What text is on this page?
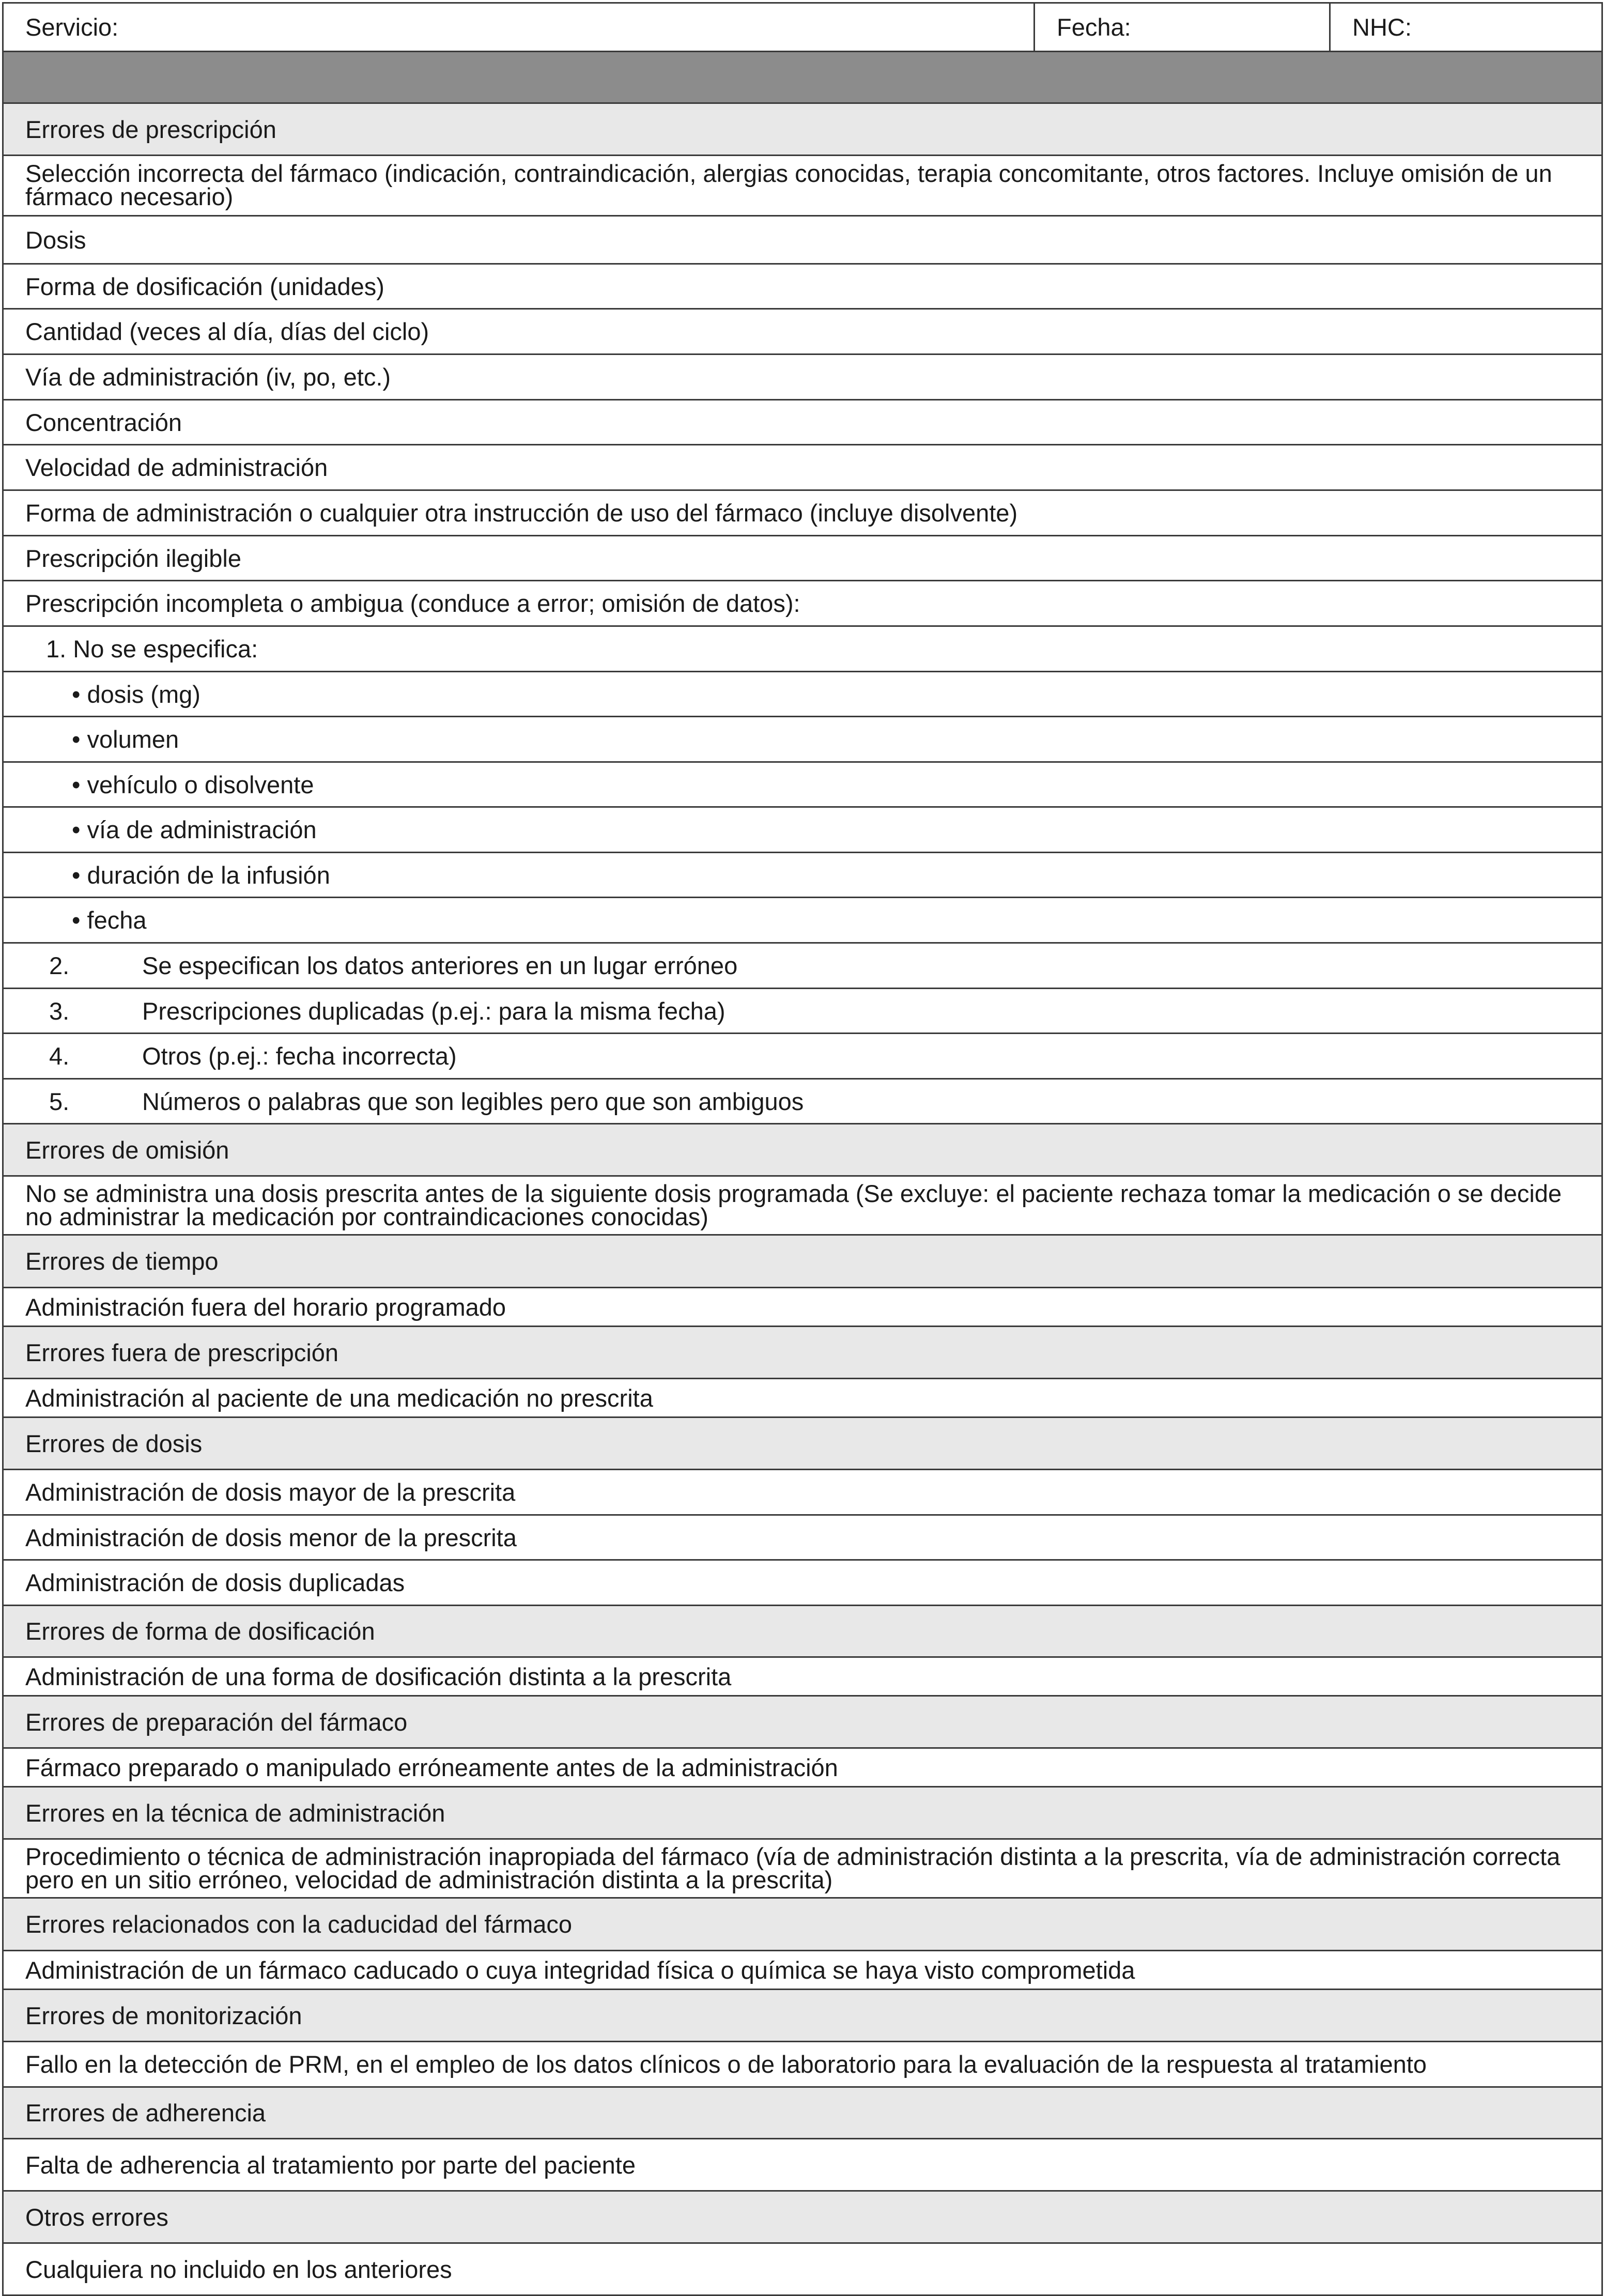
Servicio:	Fecha:	NHC:
Errores de prescripción
Selección incorrecta del fármaco (indicación, contraindicación, alergias conocidas, terapia concomitante, otros factores. Incluye omisión de un fármaco necesario)
Dosis
Forma de dosificación (unidades)
Cantidad (veces al día, días del ciclo)
Vía de administración (iv, po, etc.)
Concentración
Velocidad de administración
Forma de administración o cualquier otra instrucción de uso del fármaco (incluye disolvente)
Prescripción ilegible
Prescripción incompleta o ambigua (conduce a error; omisión de datos):
1. No se especifica:
• dosis (mg)
• volumen
• vehículo o disolvente
• vía de administración
• duración de la infusión
• fecha
2.	Se especifican los datos anteriores en un lugar erróneo
3.	Prescripciones duplicadas (p.ej.: para la misma fecha)
4.	Otros (p.ej.: fecha incorrecta)
5.	Números o palabras que son legibles pero que son ambiguos
Errores de omisión
No se administra una dosis prescrita antes de la siguiente dosis programada (Se excluye: el paciente rechaza tomar la medicación o se decide no administrar la medicación por contraindicaciones conocidas)
Errores de tiempo
Administración fuera del horario programado
Errores fuera de prescripción
Administración al paciente de una medicación no prescrita
Errores de dosis
Administración de dosis mayor de la prescrita
Administración de dosis menor de la prescrita
Administración de dosis duplicadas
Errores de forma de dosificación
Administración de una forma de dosificación distinta a la prescrita
Errores de preparación del fármaco
Fármaco preparado o manipulado erróneamente antes de la administración
Errores en la técnica de administración
Procedimiento o técnica de administración inapropiada del fármaco (vía de administración distinta a la prescrita, vía de administración correcta pero en un sitio erróneo, velocidad de administración distinta a la prescrita)
Errores relacionados con la caducidad del fármaco
Administración de un fármaco caducado o cuya integridad física o química se haya visto comprometida
Errores de monitorización
Fallo en la detección de PRM, en el empleo de los datos clínicos o de laboratorio para la evaluación de la respuesta al tratamiento
Errores de adherencia
Falta de adherencia al tratamiento por parte del paciente
Otros errores
Cualquiera no incluido en los anteriores
